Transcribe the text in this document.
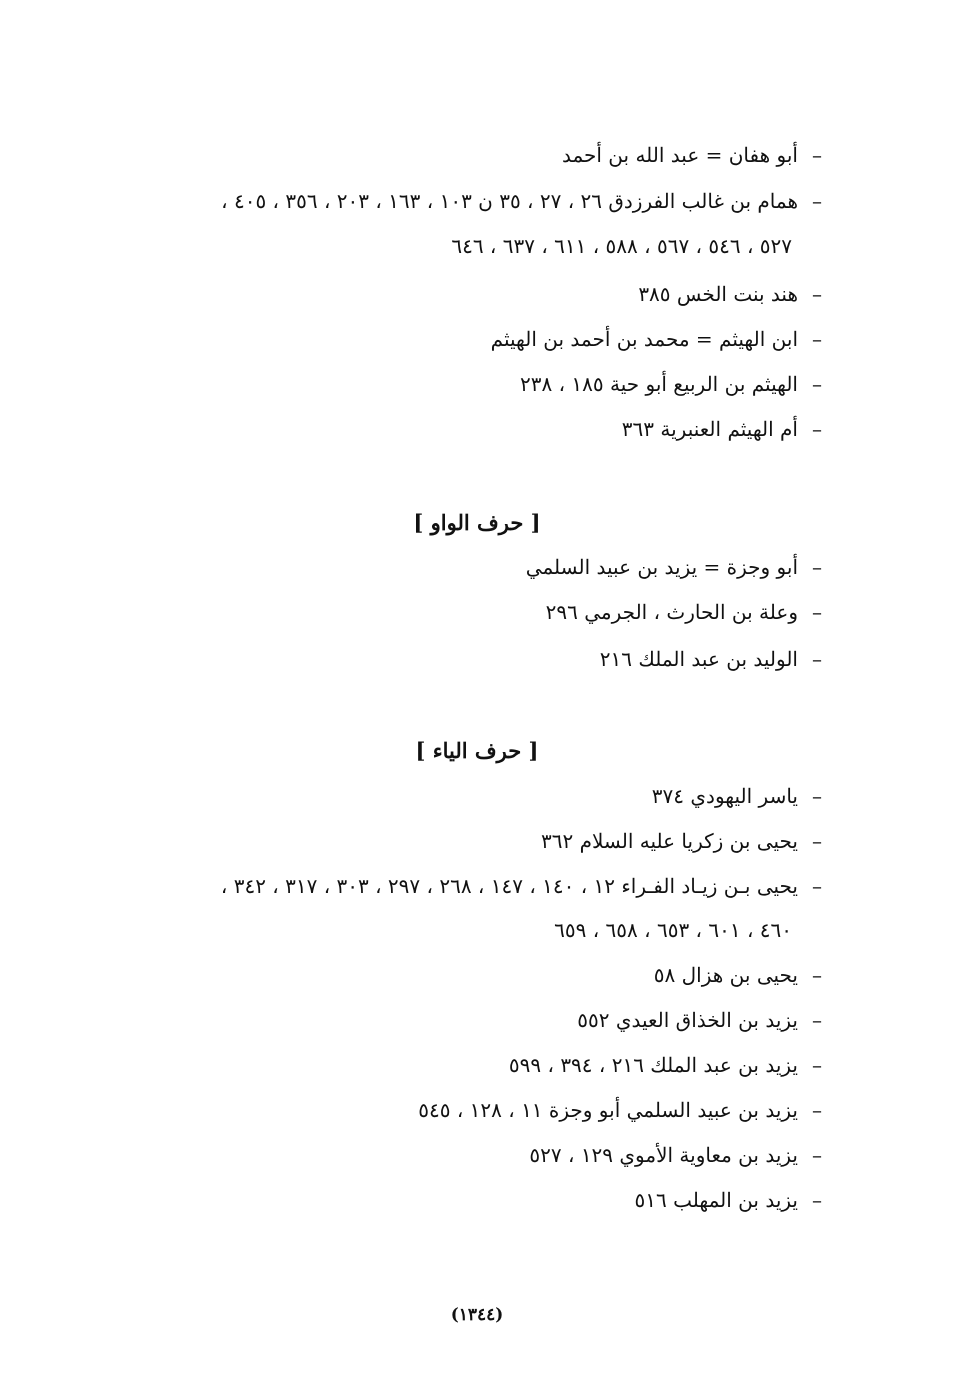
–أبو هفان = عبد الله بن أحمد
–همام بن غالب الفرزدق ٢٦ ، ٢٧ ، ٣٥ ن ١٠٣ ، ١٦٣ ، ٢٠٣ ، ٣٥٦ ، ٤٠٥ ،
٥٢٧ ، ٥٤٦ ، ٥٦٧ ، ٥٨٨ ، ٦١١ ، ٦٣٧ ، ٦٤٦
–هند بنت الخس ٣٨٥
–ابن الهيثم = محمد بن أحمد بن الهيثم
–الهيثم بن الربيع أبو حية ١٨٥ ، ٢٣٨
–أم الهيثم العنبرية ٣٦٣
[ حرف الواو ]
–أبو وجزة = يزيد بن عبيد السلمي
–وعلة بن الحارث ، الجرمي ٢٩٦
–الوليد بن عبد الملك ٢١٦
[ حرف الياء ]
–ياسر اليهودي ٣٧٤
–يحيى بن زكريا عليه السلام ٣٦٢
–يحيى بـن زيـاد الفـراء ١٢ ، ١٤٠ ، ١٤٧ ، ٢٦٨ ، ٢٩٧ ، ٣٠٣ ، ٣١٧ ، ٣٤٢ ،
٤٦٠ ، ٦٠١ ، ٦٥٣ ، ٦٥٨ ، ٦٥٩
–يحيى بن هزال ٥٨
–يزيد بن الخذاق العيدي ٥٥٢
–يزيد بن عبد الملك ٢١٦ ، ٣٩٤ ، ٥٩٩
–يزيد بن عبيد السلمي أبو وجزة ١١ ، ١٢٨ ، ٥٤٥
–يزيد بن معاوية الأموي ١٢٩ ، ٥٢٧
–يزيد بن المهلب ٥١٦
(١٣٤٤)
